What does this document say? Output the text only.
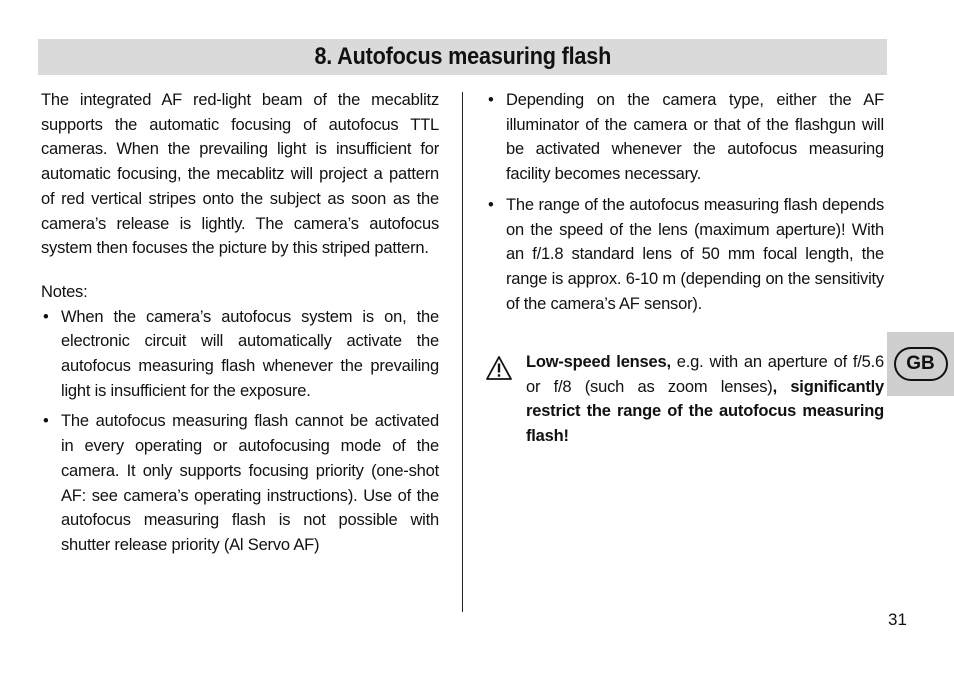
8. Autofocus measuring flash

The integrated AF red-light beam of the mecablitz supports the automatic focusing of autofocus TTL cameras. When the prevailing light is insufficient for automatic focusing, the mecablitz will project a pattern of red vertical stripes onto the subject as soon as the camera’s release is lightly. The camera’s autofocus system then focuses the picture by this striped pattern.

Notes:

• When the camera’s autofocus system is on, the electronic circuit will automatically activate the autofocus measuring flash whenever the prevailing light is insufficient for the exposure.
• The autofocus measuring flash cannot be activated in every operating or autofocusing mode of the camera. It only supports focusing priority (one-shot AF: see camera’s operating instructions). Use of the autofocus measuring flash is not possible with shutter release priority (Al Servo AF)
• Depending on the camera type, either the AF illuminator of the camera or that of the flashgun will be activated whenever the autofocus measuring facility becomes necessary.
• The range of the autofocus measuring flash depends on the speed of the lens (maximum aperture)! With an f/1.8 standard lens of 50 mm focal length, the range is approx. 6-10 m (depending on the sensitivity of the camera’s AF sensor).
Low-speed lenses, e.g. with an aperture of f/5.6 or f/8 (such as zoom lenses), significantly restrict the range of the autofocus measuring flash!
GB
31
